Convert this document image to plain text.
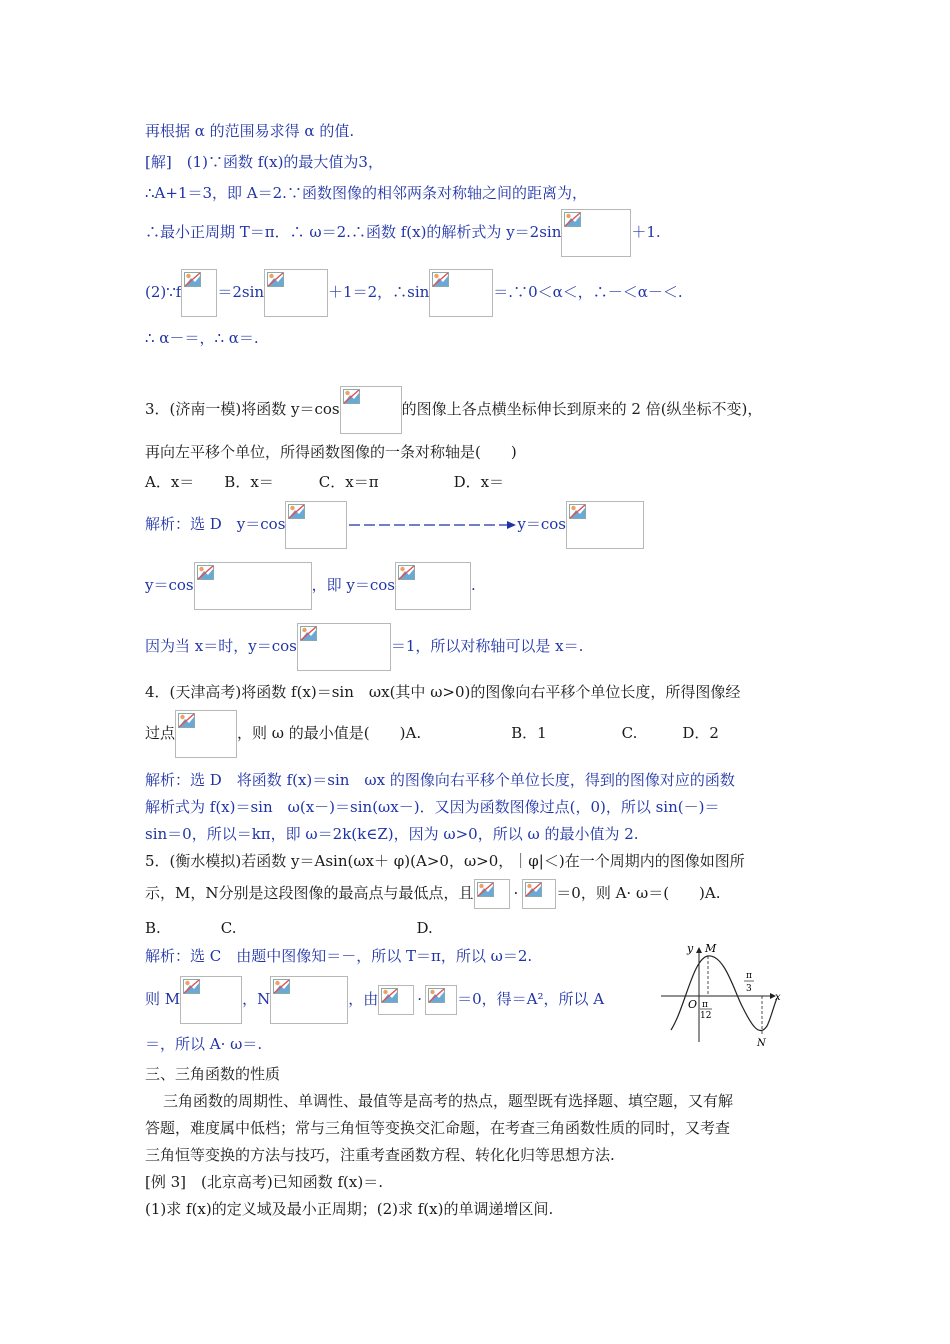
再根据 α 的范围易求得 α 的值.
[解]　(1)∵函数 f(x)的最大值为3，
∴A+1＝3，即 A＝2.∵函数图像的相邻两条对称轴之间的距离为，
∴最小正周期 T＝π．∴ ω＝2.∴函数 f(x)的解析式为 y＝2sin	＋1.
(2)∵f ＝2sin	＋1＝2，∴sin	＝.∵0＜α＜，∴－＜α－＜.
∴ α－＝，∴ α＝.
3．(济南一模)将函数 y＝cos	的图像上各点横坐标伸长到原来的 2 倍(纵坐标不变)，
再向左平移个单位，所得函数图像的一条对称轴是(　　)
A．x＝　　B．x＝　　　C．x＝π　　　　　D．x＝
解析：选 D　y＝cos	y＝cos
y＝cos	，即 y＝cos	.
因为当 x＝时，y＝cos	＝1，所以对称轴可以是 x＝.
4．(天津高考)将函数 f(x)＝sin　ωx(其中 ω>0)的图像向右平移个单位长度，所得图像经
过点	，则 ω 的最小值是(　　)A.　　　　　　B．1　　　　　C.　　　D．2
解析：选 D　将函数 f(x)＝sin　ωx 的图像向右平移个单位长度，得到的图像对应的函数
解析式为 f(x)＝sin　ω(x－)＝sin(ωx－)．又因为函数图像过点(，0)，所以 sin(－)＝
sin＝0，所以＝kπ，即 ω＝2k(k∈Z)，因为 ω>0，所以 ω 的最小值为 2.
5．(衡水模拟)若函数 y＝Asin(ωx＋ φ)(A>0，ω>0，｜φ|＜)在一个周期内的图像如图所
示，M，N分别是这段图像的最高点与最低点，且	·	＝0，则 A· ω＝(　　)A.
B.　　　　C.　　　　　　　　　　　　D.
解析：选 C　由题中图像知＝－，所以 T＝π，所以 ω＝2.
则 M	，N	，由	· ＝0，得＝A²，所以 A
＝，所以 A· ω＝.
y
x
O
M
N
π
12
π
3
三、三角函数的性质
三角函数的周期性、单调性、最值等是高考的热点，题型既有选择题、填空题，又有解
答题，难度属中低档；常与三角恒等变换交汇命题，在考查三角函数性质的同时，又考查
三角恒等变换的方法与技巧，注重考查函数方程、转化化归等思想方法.
[例 3]　(北京高考)已知函数 f(x)＝.
(1)求 f(x)的定义域及最小正周期；(2)求 f(x)的单调递增区间.
